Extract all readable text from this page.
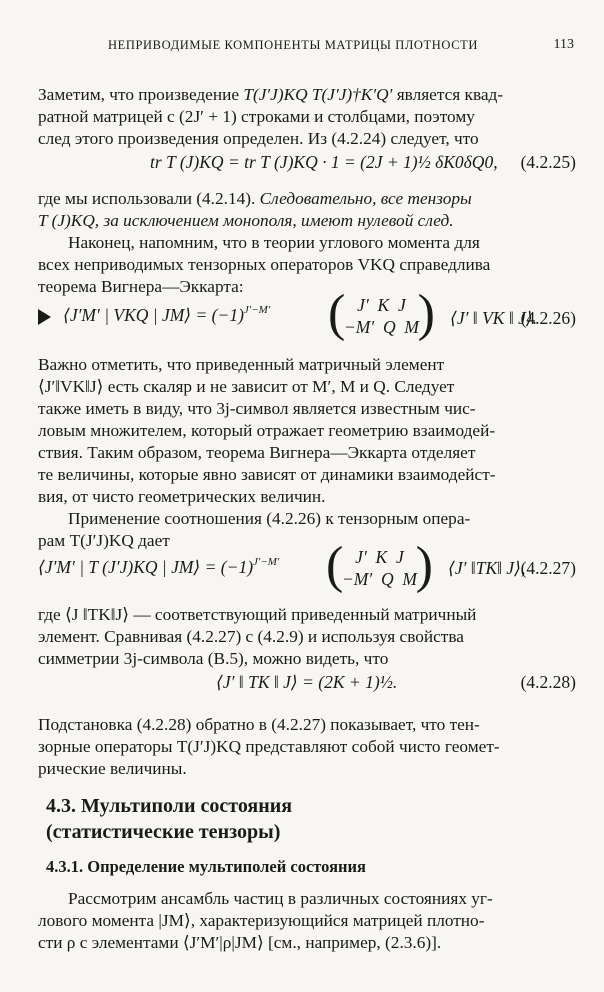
НЕПРИВОДИМЫЕ КОМПОНЕНТЫ МАТРИЦЫ ПЛОТНОСТИ	113
Заметим, что произведение T(J′J)KQ T(J′J)†K′Q′ является квад-
ратной матрицей с (2J′ + 1) строками и столбцами, поэтому
след этого произведения определен. Из (4.2.24) следует, что
tr T (J)KQ = tr T (J)KQ · 1 = (2J + 1)½ δK0δQ0, (4.2.25)
где мы использовали (4.2.14). Следовательно, все тензоры
T (J)KQ, за исключением монополя, имеют нулевой след.
Наконец, напомним, что в теории углового момента для
всех неприводимых тензорных операторов VKQ справедлива
теорема Вигнера—Эккарта:
⟨J′M′ | VKQ | JM⟩ = $(-1)^{J'-M'}$ ( J′ K J
−M′ Q M
) ⟨J′ ‖ VK ‖ J⟩.
(4.2.26)
Важно отметить, что приведенный матричный элемент
⟨J′‖VK‖J⟩ есть скаляр и не зависит от M′, M и Q. Следует
также иметь в виду, что 3j-символ является известным чис-
ловым множителем, который отражает геометрию взаимодей-
ствия. Таким образом, теорема Вигнера—Эккарта отделяет
те величины, которые явно зависят от динамики взаимодейст-
вия, от чисто геометрических величин.
Применение соотношения (4.2.26) к тензорным опера-
рам T(J′J)KQ дает
⟨J′M′ | T (J′J)KQ | JM⟩ = $(-1)^{J'-M'}$ ( J′ K J
−M′ Q M
) ⟨J′ ‖TK‖ J⟩,
(4.2.27)
где ⟨J ‖TK‖J⟩ — соответствующий приведенный матричный
элемент. Сравнивая (4.2.27) с (4.2.9) и используя свойства
симметрии 3j-символа (B.5), можно видеть, что
⟨J′ ‖ TK ‖ J⟩ = (2K + 1)½.	(4.2.28)
Подстановка (4.2.28) обратно в (4.2.27) показывает, что тен-
зорные операторы T(J′J)KQ представляют собой чисто геомет-
рические величины.
4.3. Мультиполи состояния
(статистические тензоры)
4.3.1. Определение мультиполей состояния
Рассмотрим ансамбль частиц в различных состояниях уг-
лового момента |JM⟩, характеризующийся матрицей плотно-
сти ρ с элементами ⟨J′M′|ρ|JM⟩ [см., например, (2.3.6)].
